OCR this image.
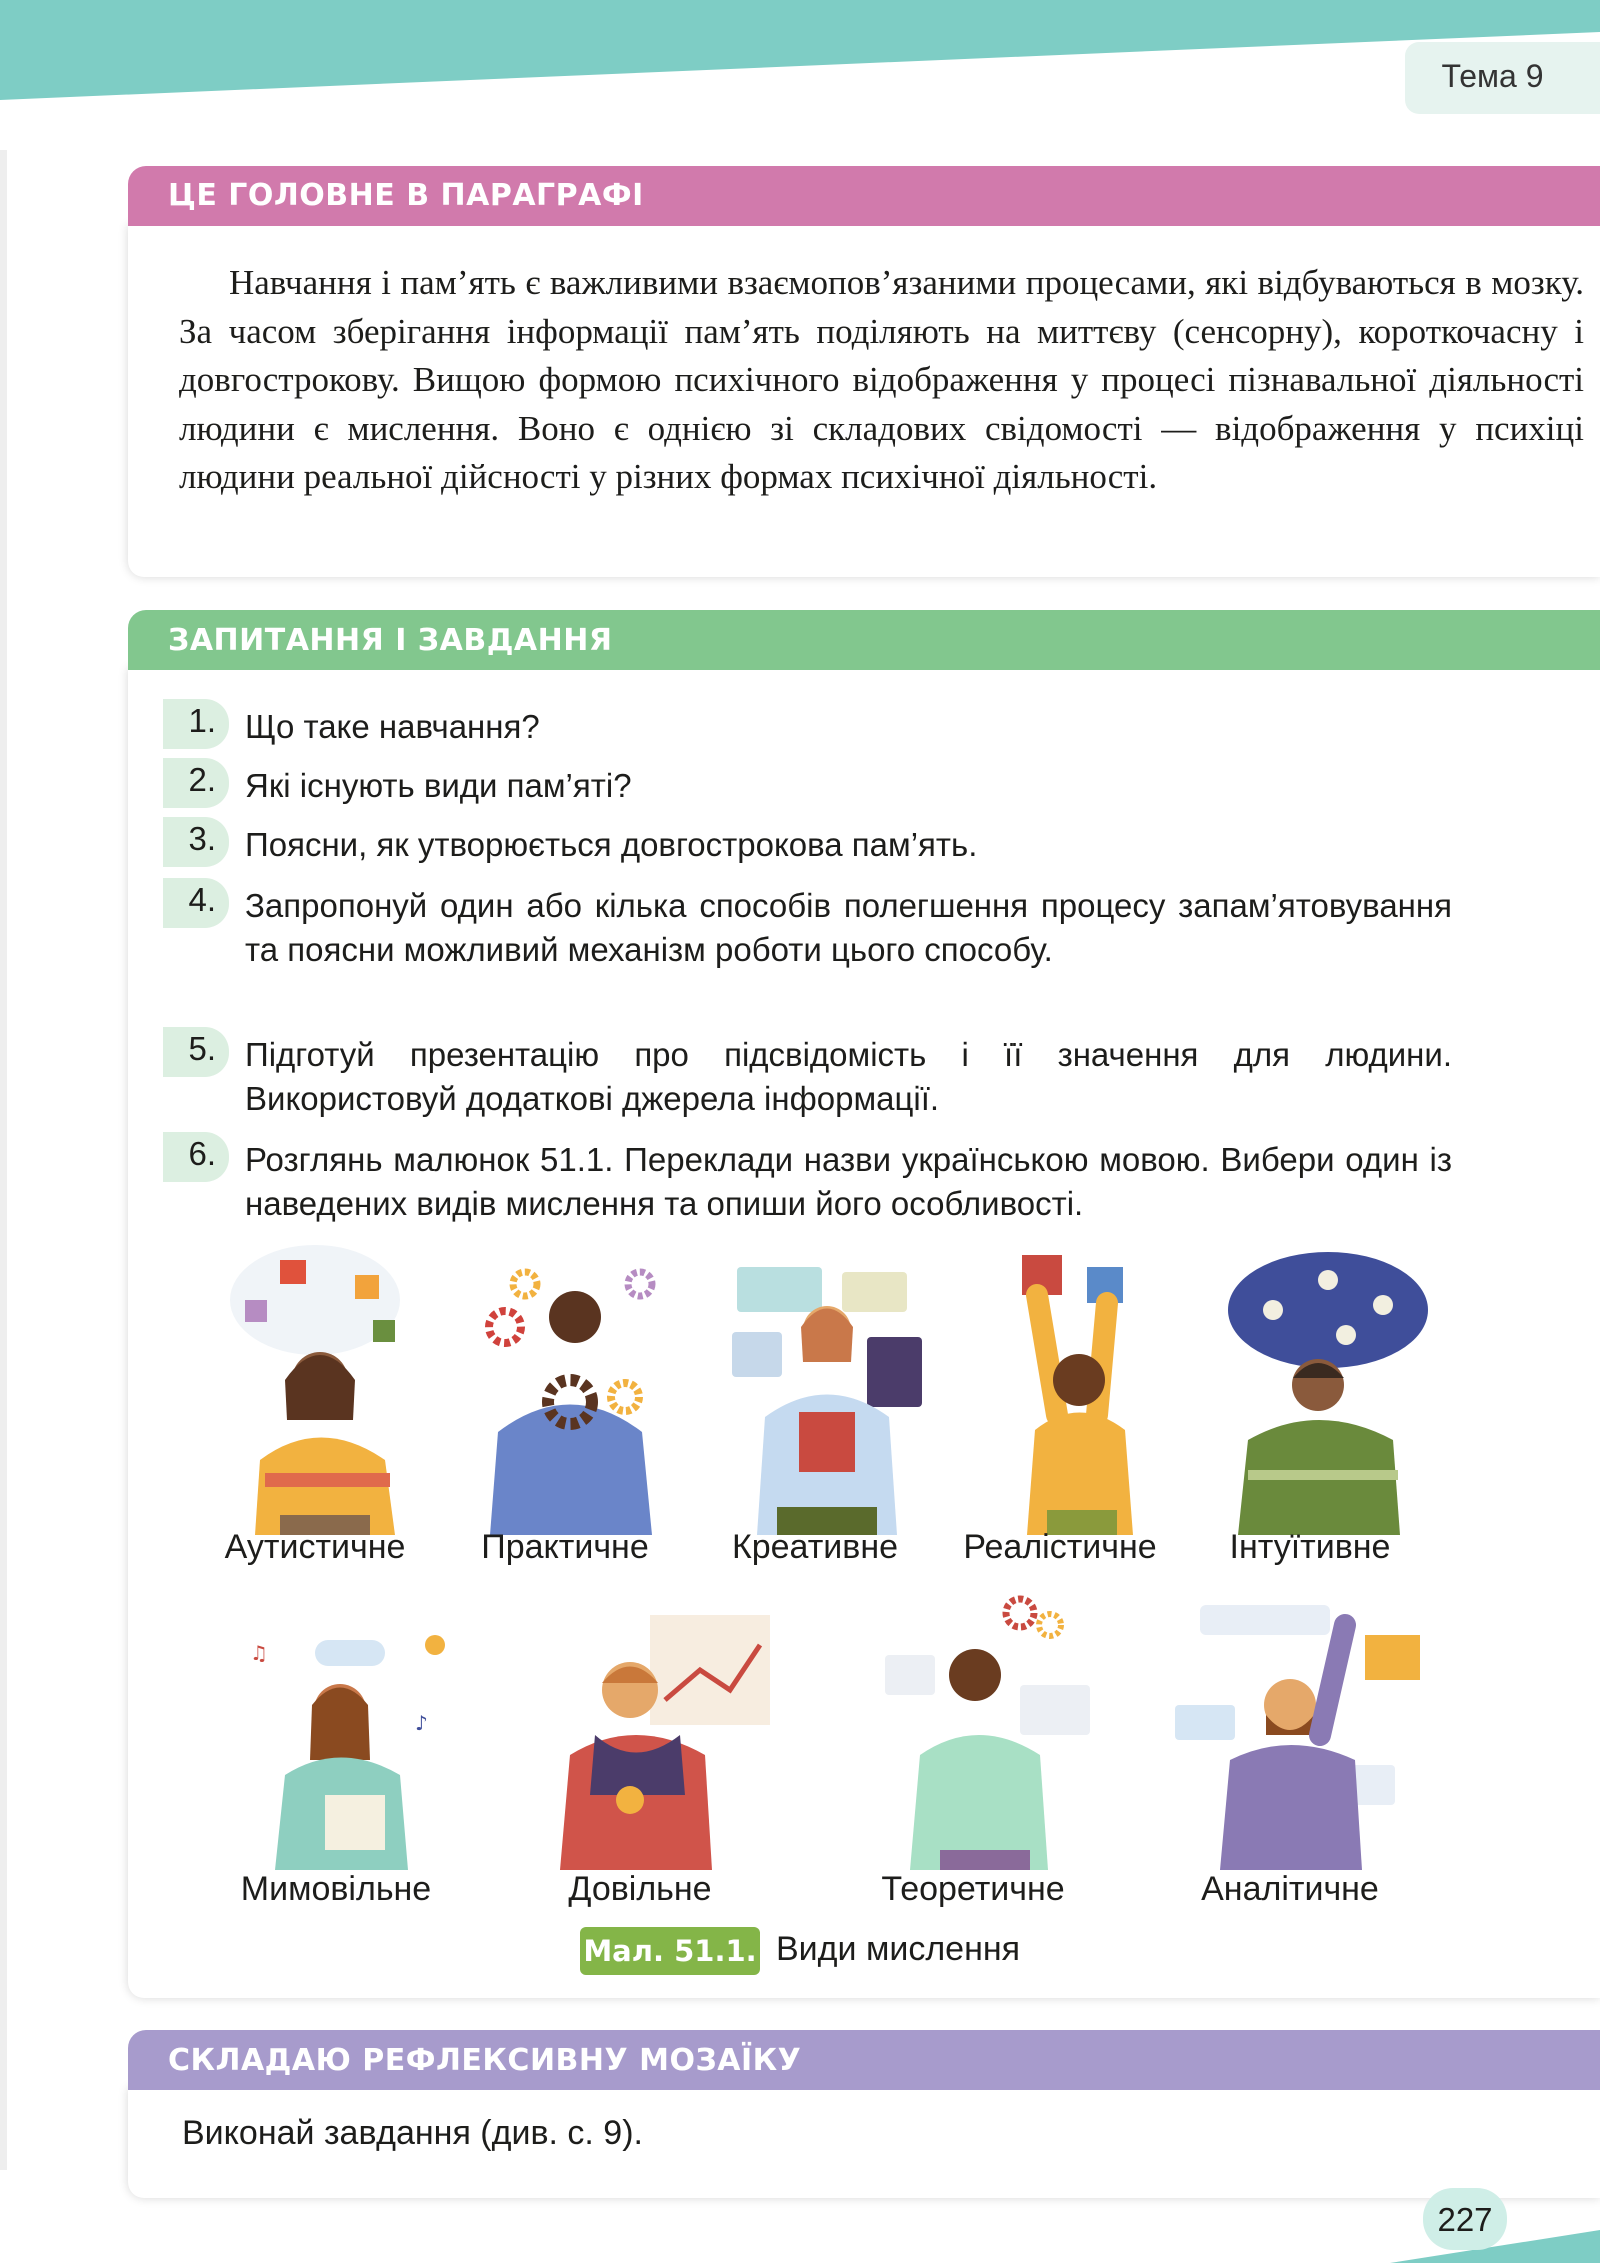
Тема 9
Навчання і пам’ять є важливими взаємопов’язаними процесами, які відбуваються в мозку. За часом зберігання інформації пам’ять поділяють на миттєву (сенсорну), короткочасну і довгострокову. Вищою формою психічного відображення у процесі пізнавальної діяльності людини є мислення. Воно є однією зі складових свідомості — відображення у психіці людини реальної дійсності у різних формах психічної діяльності.
ЦЕ ГОЛОВНЕ В ПАРАГРАФІ
ЗАПИТАННЯ І ЗАВДАННЯ
1. Що таке навчання?
2. Які існують види пам’яті?
3. Поясни, як утворюється довгострокова пам’ять.
4. Запропонуй один або кілька способів полегшення процесу запам’ятовування та поясни можливий механізм роботи цього способу.
5. Підготуй презентацію про підсвідомість і її значення для людини. Використовуй додаткові джерела інформації.
6. Розглянь малюнок 51.1. Переклади назви українською мовою. Вибери один із наведених видів мислення та опиши його особливості.
Аутистичне	Практичне	Креативне	Реалістичне	Інтуїтивне
♫
♪
Мимовільне	Довільне	Теоретичне	Аналітичне
Мал. 51.1. Види мислення
Виконай завдання (див. с. 9).
СКЛАДАЮ РЕФЛЕКСИВНУ МОЗАЇКУ
227
